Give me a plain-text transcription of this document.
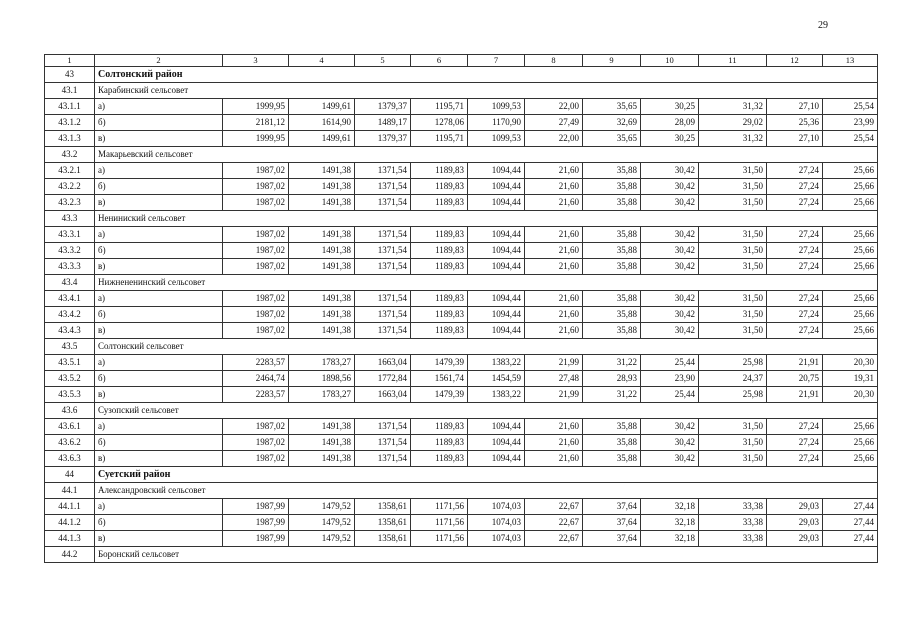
29
1	2	3	4	5	6	7	8	9	10	11	12	13
43	Солтонский район											
43.1	Карабинский сельсовет											
43.1.1	а)	1999,95	1499,61	1379,37	1195,71	1099,53	22,00	35,65	30,25	31,32	27,10	25,54
43.1.2	б)	2181,12	1614,90	1489,17	1278,06	1170,90	27,49	32,69	28,09	29,02	25,36	23,99
43.1.3	в)	1999,95	1499,61	1379,37	1195,71	1099,53	22,00	35,65	30,25	31,32	27,10	25,54
43.2	Макарьевский сельсовет											
43.2.1	а)	1987,02	1491,38	1371,54	1189,83	1094,44	21,60	35,88	30,42	31,50	27,24	25,66
43.2.2	б)	1987,02	1491,38	1371,54	1189,83	1094,44	21,60	35,88	30,42	31,50	27,24	25,66
43.2.3	в)	1987,02	1491,38	1371,54	1189,83	1094,44	21,60	35,88	30,42	31,50	27,24	25,66
43.3	Нениниский сельсовет											
43.3.1	а)	1987,02	1491,38	1371,54	1189,83	1094,44	21,60	35,88	30,42	31,50	27,24	25,66
43.3.2	б)	1987,02	1491,38	1371,54	1189,83	1094,44	21,60	35,88	30,42	31,50	27,24	25,66
43.3.3	в)	1987,02	1491,38	1371,54	1189,83	1094,44	21,60	35,88	30,42	31,50	27,24	25,66
43.4	Нижнененинский сельсовет											
43.4.1	а)	1987,02	1491,38	1371,54	1189,83	1094,44	21,60	35,88	30,42	31,50	27,24	25,66
43.4.2	б)	1987,02	1491,38	1371,54	1189,83	1094,44	21,60	35,88	30,42	31,50	27,24	25,66
43.4.3	в)	1987,02	1491,38	1371,54	1189,83	1094,44	21,60	35,88	30,42	31,50	27,24	25,66
43.5	Солтонский сельсовет											
43.5.1	а)	2283,57	1783,27	1663,04	1479,39	1383,22	21,99	31,22	25,44	25,98	21,91	20,30
43.5.2	б)	2464,74	1898,56	1772,84	1561,74	1454,59	27,48	28,93	23,90	24,37	20,75	19,31
43.5.3	в)	2283,57	1783,27	1663,04	1479,39	1383,22	21,99	31,22	25,44	25,98	21,91	20,30
43.6	Сузопский сельсовет											
43.6.1	а)	1987,02	1491,38	1371,54	1189,83	1094,44	21,60	35,88	30,42	31,50	27,24	25,66
43.6.2	б)	1987,02	1491,38	1371,54	1189,83	1094,44	21,60	35,88	30,42	31,50	27,24	25,66
43.6.3	в)	1987,02	1491,38	1371,54	1189,83	1094,44	21,60	35,88	30,42	31,50	27,24	25,66
44	Суетский район											
44.1	Александровский сельсовет											
44.1.1	а)	1987,99	1479,52	1358,61	1171,56	1074,03	22,67	37,64	32,18	33,38	29,03	27,44
44.1.2	б)	1987,99	1479,52	1358,61	1171,56	1074,03	22,67	37,64	32,18	33,38	29,03	27,44
44.1.3	в)	1987,99	1479,52	1358,61	1171,56	1074,03	22,67	37,64	32,18	33,38	29,03	27,44
44.2	Боронский сельсовет											
